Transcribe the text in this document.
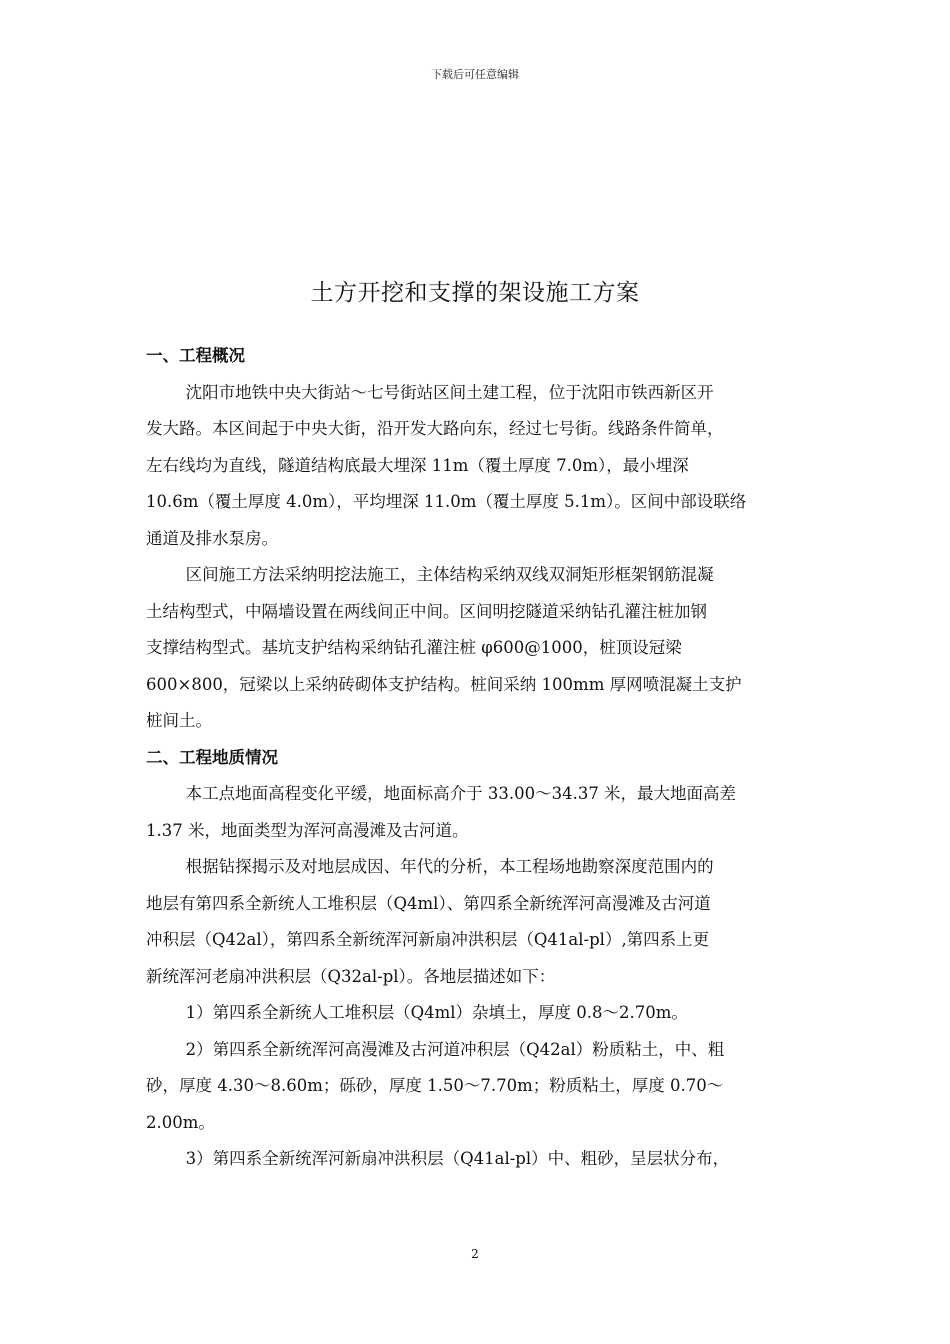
下载后可任意编辑
土方开挖和支撑的架设施工方案
一、工程概况

沈阳市地铁中央大街站～七号街站区间土建工程，位于沈阳市铁西新区开
发大路。本区间起于中央大街，沿开发大路向东，经过七号街。线路条件简单，
左右线均为直线，隧道结构底最大埋深 11m（覆土厚度 7.0m），最小埋深
10.6m（覆土厚度 4.0m），平均埋深 11.0m（覆土厚度 5.1m）。区间中部设联络
通道及排水泵房。

区间施工方法采纳明挖法施工，主体结构采纳双线双洞矩形框架钢筋混凝
土结构型式，中隔墙设置在两线间正中间。区间明挖隧道采纳钻孔灌注桩加钢
支撑结构型式。基坑支护结构采纳钻孔灌注桩 φ600@1000，桩顶设冠梁
600×800，冠梁以上采纳砖砌体支护结构。桩间采纳 100mm 厚网喷混凝土支护
桩间土。

二、工程地质情况

本工点地面高程变化平缓，地面标高介于 33.00～34.37 米，最大地面高差
1.37 米，地面类型为浑河高漫滩及古河道。

根据钻探揭示及对地层成因、年代的分析，本工程场地勘察深度范围内的
地层有第四系全新统人工堆积层（Q4ml）、第四系全新统浑河高漫滩及古河道
冲积层（Q42al），第四系全新统浑河新扇冲洪积层（Q41al-pl）,第四系上更
新统浑河老扇冲洪积层（Q32al-pl）。各地层描述如下：

1）第四系全新统人工堆积层（Q4ml）杂填土，厚度 0.8～2.70m。

2）第四系全新统浑河高漫滩及古河道冲积层（Q42al）粉质粘土，中、粗
砂，厚度 4.30～8.60m；砾砂，厚度 1.50～7.70m；粉质粘土，厚度 0.70～
2.00m。

3）第四系全新统浑河新扇冲洪积层（Q41al-pl）中、粗砂，呈层状分布，

2
